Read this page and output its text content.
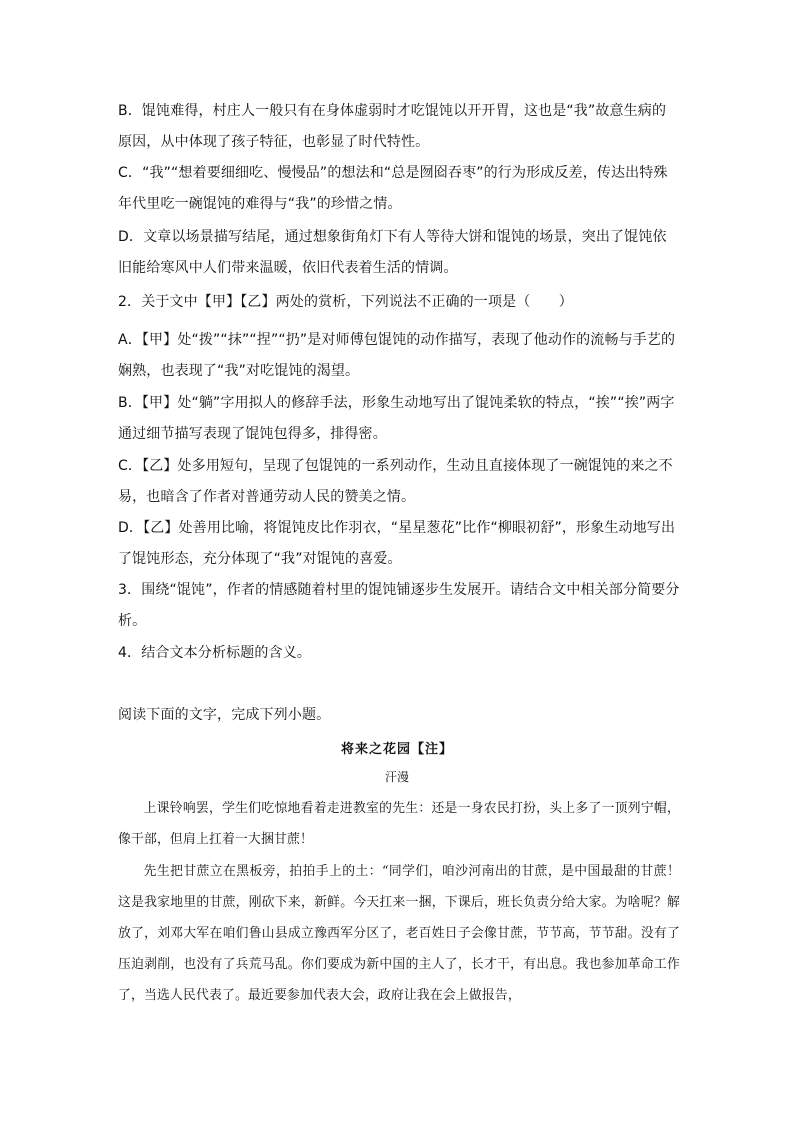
B．馄饨难得，村庄人一般只有在身体虚弱时才吃馄饨以开开胃，这也是“我”故意生病的原因，从中体现了孩子特征，也彰显了时代特性。

C．“我”“想着要细细吃、慢慢品”的想法和“总是囫囵吞枣”的行为形成反差，传达出特殊年代里吃一碗馄饨的难得与“我”的珍惜之情。

D．文章以场景描写结尾，通过想象街角灯下有人等待大饼和馄饨的场景，突出了馄饨依旧能给寒风中人们带来温暖，依旧代表着生活的情调。

2．关于文中【甲】【乙】两处的赏析，下列说法不正确的一项是（　　）

A．【甲】处“拨”“抹”“捏”“扔”是对师傅包馄饨的动作描写，表现了他动作的流畅与手艺的娴熟，也表现了“我”对吃馄饨的渴望。

B．【甲】处“躺”字用拟人的修辞手法，形象生动地写出了馄饨柔软的特点，“挨”“挨”两字通过细节描写表现了馄饨包得多，排得密。

C．【乙】处多用短句，呈现了包馄饨的一系列动作，生动且直接体现了一碗馄饨的来之不易，也暗含了作者对普通劳动人民的赞美之情。

D．【乙】处善用比喻，将馄饨皮比作羽衣，“星星葱花”比作“柳眼初舒”，形象生动地写出了馄饨形态，充分体现了“我”对馄饨的喜爱。

3．围绕“馄饨”，作者的情感随着村里的馄饨铺逐步生发展开。请结合文中相关部分简要分析。

4．结合文本分析标题的含义。

阅读下面的文字，完成下列小题。

将来之花园【注】

汗漫

上课铃响罢，学生们吃惊地看着走进教室的先生：还是一身农民打扮，头上多了一顶列宁帽，像干部，但肩上扛着一大捆甘蔗！

先生把甘蔗立在黑板旁，拍拍手上的土：“同学们，咱沙河南出的甘蔗，是中国最甜的甘蔗！这是我家地里的甘蔗，刚砍下来，新鲜。今天扛来一捆，下课后，班长负责分给大家。为啥呢？解放了，刘邓大军在咱们鲁山县成立豫西军分区了，老百姓日子会像甘蔗，节节高，节节甜。没有了压迫剥削，也没有了兵荒马乱。你们要成为新中国的主人了，长才干，有出息。我也参加革命工作了，当选人民代表了。最近要参加代表大会，政府让我在会上做报告，
